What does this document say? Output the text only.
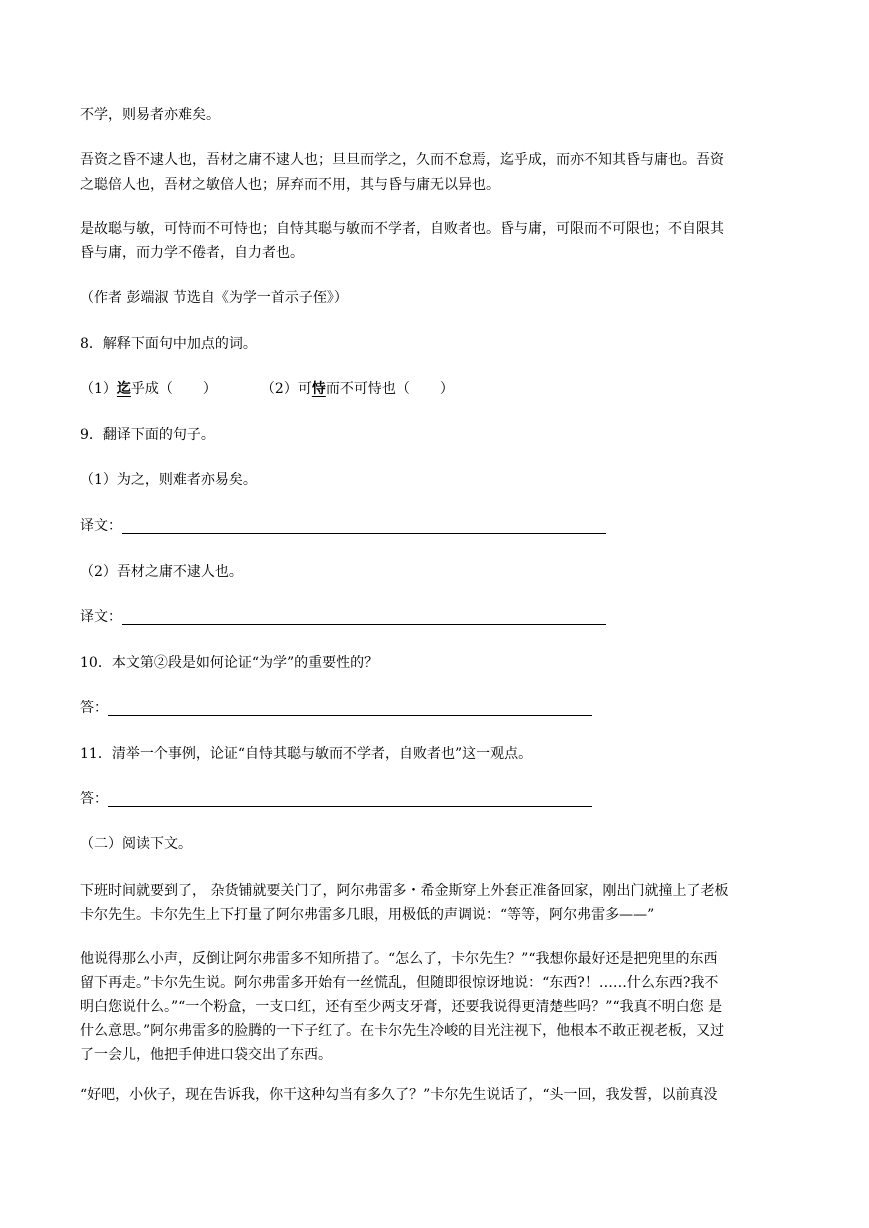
不学，则易者亦难矣。
吾资之昏不逮人也，吾材之庸不逮人也；旦旦而学之，久而不怠焉，迄乎成，而亦不知其昏与庸也。吾资
之聪倍人也，吾材之敏倍人也；屏弃而不用，其与昏与庸无以异也。
是故聪与敏，可恃而不可恃也；自恃其聪与敏而不学者，自败者也。昏与庸，可限而不可限也；不自限其
昏与庸，而力学不倦者，自力者也。
（作者 彭端淑 节选自《为学一首示子侄》）
8．解释下面句中加点的词。
（1）迄乎成（ ）	（2）可恃而不可恃也（ ）
9．翻译下面的句子。
（1）为之，则难者亦易矣。
译文：
（2）吾材之庸不逮人也。
译文：
10．本文第②段是如何论证“为学”的重要性的？
答：
11．清举一个事例，论证“自恃其聪与敏而不学者，自败者也”这一观点。
答：
（二）阅读下文。
下班时间就要到了， 杂货铺就要关门了，阿尔弗雷多・希金斯穿上外套正准备回家，刚出门就撞上了老板
卡尔先生。卡尔先生上下打量了阿尔弗雷多几眼，用极低的声调说：“等等，阿尔弗雷多——”
他说得那么小声，反倒让阿尔弗雷多不知所措了。“怎么了，卡尔先生？”“我想你最好还是把兜里的东西
留下再走。”卡尔先生说。阿尔弗雷多开始有一丝慌乱，但随即很惊讶地说：“东西?！……什么东西?我不
明白您说什么。”“一个粉盒，一支口红，还有至少两支牙膏，还要我说得更清楚些吗？”“我真不明白您 是
什么意思。”阿尔弗雷多的脸腾的一下子红了。在卡尔先生冷峻的目光注视下，他根本不敢正视老板，又过
了一会儿，他把手伸进口袋交出了东西。
“好吧，小伙子，现在告诉我，你干这种勾当有多久了？”卡尔先生说话了，“头一回，我发誓，以前真没
